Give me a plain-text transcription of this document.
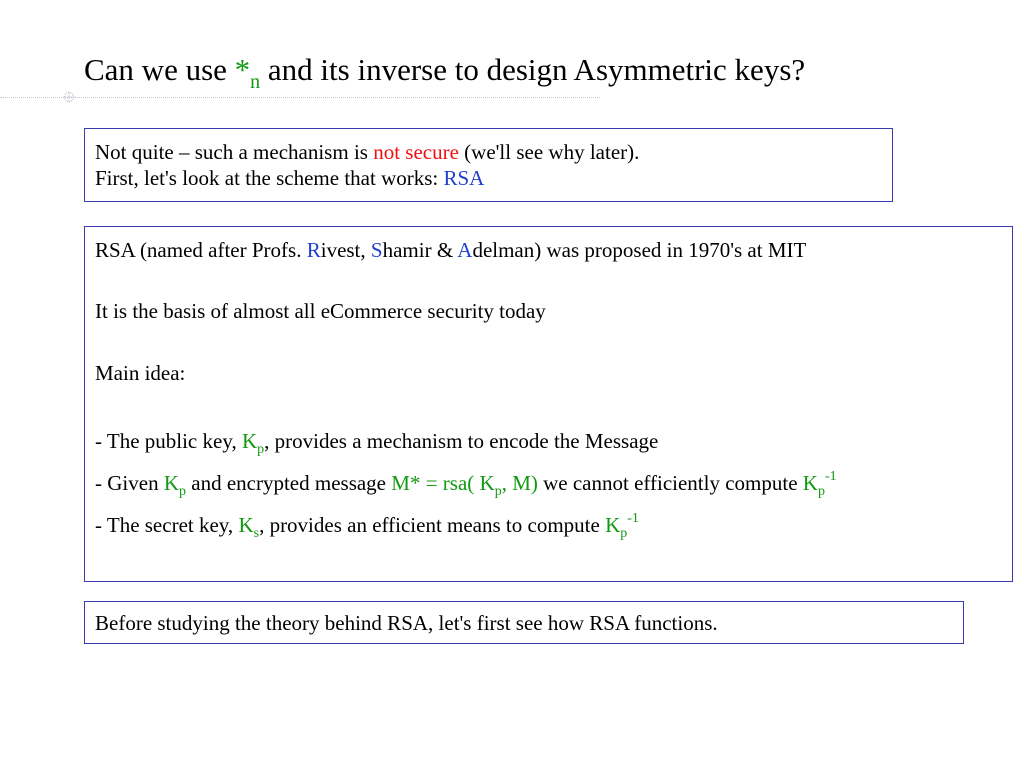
Can we use $*_n$ and its inverse to design Asymmetric keys?
Not quite – such a mechanism is not secure (we'll see why later).
First, let's look at the scheme that works: RSA
RSA (named after Profs. Rivest, Shamir & Adelman) was proposed in 1970's at MIT
It is the basis of almost all eCommerce security today
Main idea:
- The public key, $K_p$, provides a mechanism to encode the Message
- Given $K_p$ and encrypted message M* = rsa( $K_p$, M) we cannot efficiently compute $K_p^{-1}$
- The secret key, $K_s$, provides an efficient means to compute $K_p^{-1}$
Before studying the theory behind RSA, let's first see how RSA functions.
